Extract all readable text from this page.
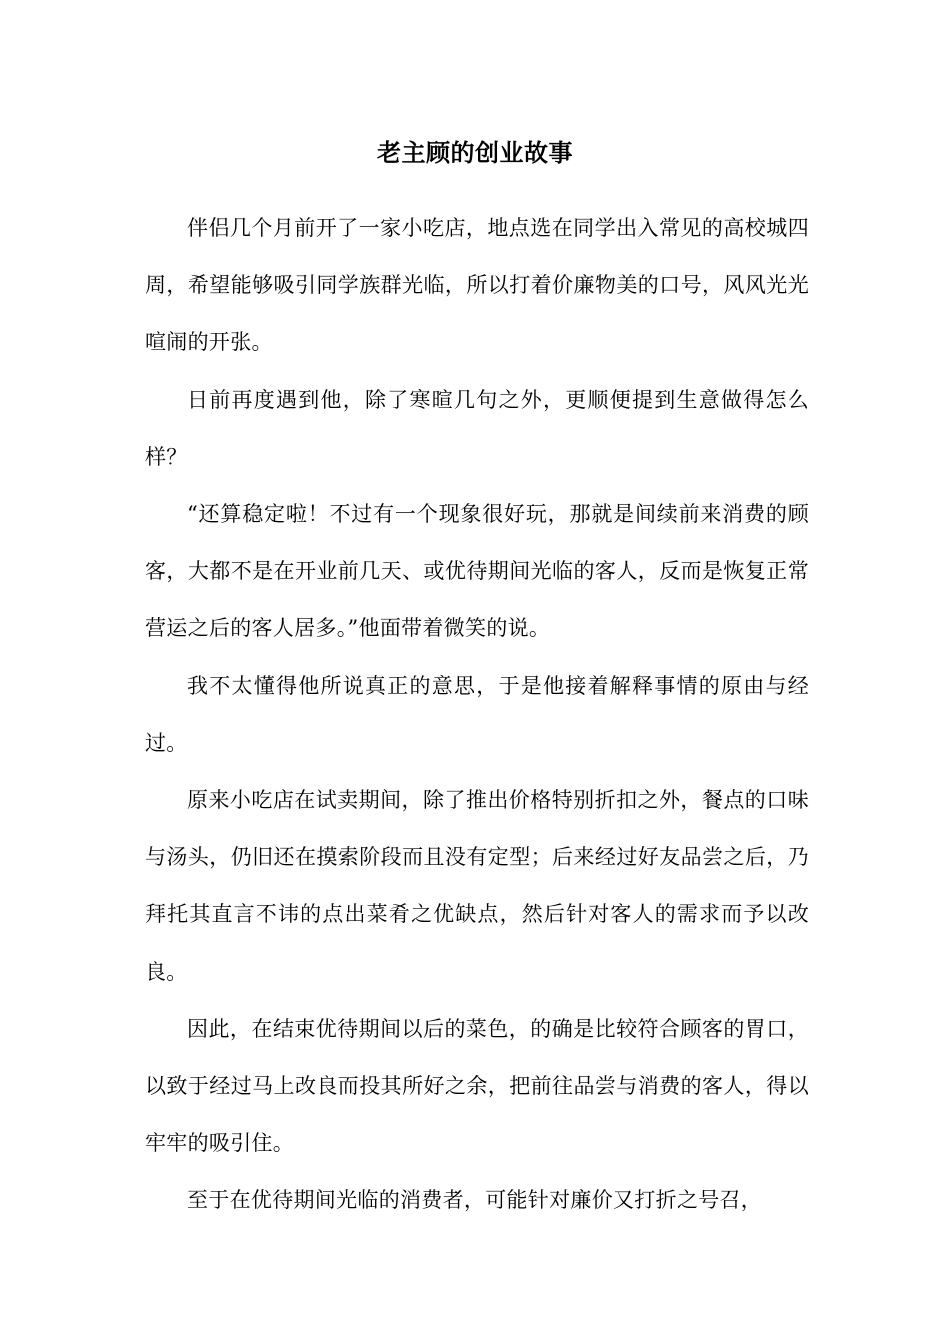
老主顾的创业故事

伴侣几个月前开了一家小吃店，地点选在同学出入常见的高校城四周，希望能够吸引同学族群光临，所以打着价廉物美的口号，风风光光喧闹的开张。

日前再度遇到他，除了寒暄几句之外，更顺便提到生意做得怎么样？

“还算稳定啦！不过有一个现象很好玩，那就是间续前来消费的顾客，大都不是在开业前几天、或优待期间光临的客人，反而是恢复正常营运之后的客人居多。”他面带着微笑的说。

我不太懂得他所说真正的意思，于是他接着解释事情的原由与经过。

原来小吃店在试卖期间，除了推出价格特别折扣之外，餐点的口味与汤头，仍旧还在摸索阶段而且没有定型；后来经过好友品尝之后，乃拜托其直言不讳的点出菜肴之优缺点，然后针对客人的需求而予以改良。

因此，在结束优待期间以后的菜色，的确是比较符合顾客的胃口，以致于经过马上改良而投其所好之余，把前往品尝与消费的客人，得以牢牢的吸引住。

至于在优待期间光临的消费者，可能针对廉价又打折之号召，
